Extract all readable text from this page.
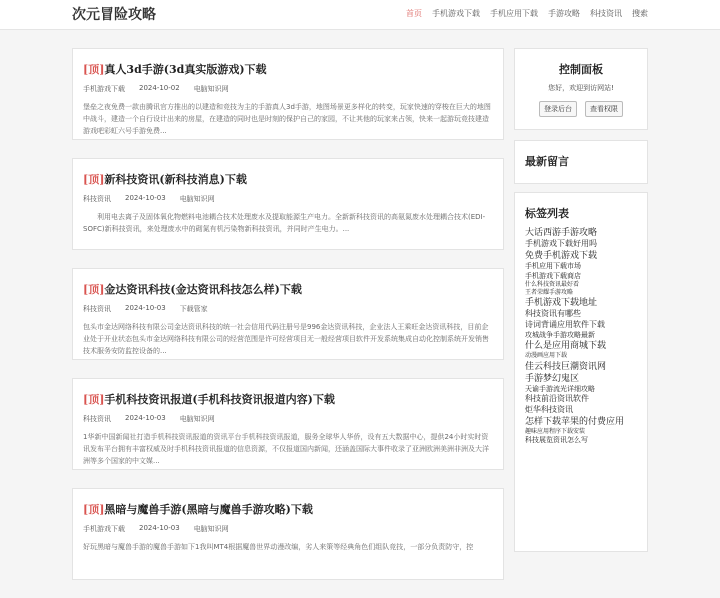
次元冒险攻略	首页 手机游戏下载 手机应用下载 手游攻略 科技资讯 搜索
[顶]真人3d手游(3d真实版游戏)下载
手机游戏下载 2024-10-02 电脑知识网
堡垒之夜免费一款由腾讯官方推出的以建造和竞技为主的手游真人3d手游，地图场景更多样化的转变，玩家快速的穿梭在巨大的地图中战斗，建造一个自行设计出来的房屋，在建造的同时也是时刻的保护自己的家园，不让其他的玩家来占领，快来一起游玩竞技建造游戏吧彩虹六号手游免费...
[顶]新科技资讯(新科技消息)下载
科技资讯 2024-10-03 电脑知识网
利用电去离子及固体氧化物燃料电池耦合技术处理废水及提取能源生产电力。全新新科技资讯的高氨氮废水处理耦合技术(EDI-SOFC)新科技资讯，来处理废水中的砌氮有机污染物新科技资讯，并同时产生电力。...
[顶]金达资讯科技(金达资讯科技怎么样)下载
科技资讯 2024-10-03 下载管家
包头市金达网络科技有限公司金达资讯科技的统一社会信用代码注册号是996金达资讯科技，企业法人王乘旺金达资讯科技，目前企业处于开业状态包头市金达网络科技有限公司的经营范围是许可经营项目无一般经营项目软件开发系统集成自动化控制系统开发销售技术服务安防监控设备的...
[顶]手机科技资讯报道(手机科技资讯报道内容)下载
科技资讯 2024-10-03 电脑知识网
1华新中国新闻社打造手机科技资讯报道的资讯平台手机科技资讯报道，服务全球华人华侨，设有五大数据中心，提供24小时实时资讯发布平台拥有丰富权威及时手机科技资讯报道的信息资源，不仅报道国内新闻，还涵盖国际大事件收录了亚洲欧洲美洲非洲及大洋洲等多个国家的中文媒...
[顶]黑暗与魔兽手游(黑暗与魔兽手游攻略)下载
手机游戏下载 2024-10-03 电脑知识网
好玩黑暗与魔兽手游的魔兽手游如下1我叫MT4根据魔兽世界动漫改编，劣人来策等经典角色们组队竞技，一部分负责防守，控
控制面板
您好，欢迎到访网站!
登录后台	查看权限
最新留言
标签列表
大话西游手游攻略
手机游戏下载好用吗
免费手机游戏下载
手机应用下载市场
手机游戏下载商店
什么科技资讯最好看
王者荣耀手游攻略
手机游戏下载地址
科技资讯有哪些
诗词背诵应用软件下载
攻城战争手游攻略最新
什么是应用商城下载
动漫画应用下载
佳云科技巨潮资讯网
手游梦幻鬼区
天谕手游流光详细攻略
科技前沿资讯软件
炬华科技资讯
怎样下载苹果的付费应用
趣味应用程序下载安装
科技展览资讯怎么写
